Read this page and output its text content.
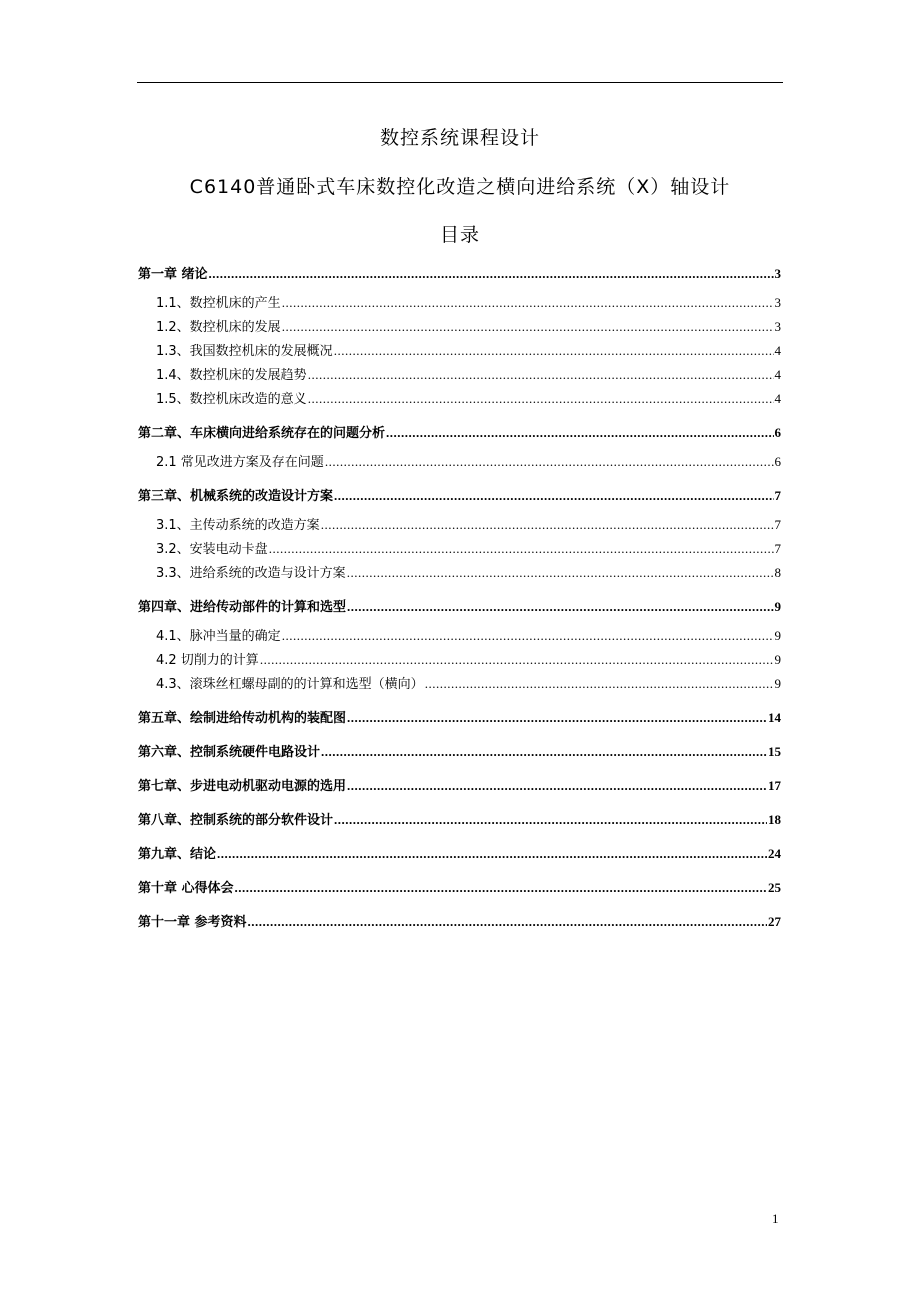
数控系统课程设计
C6140普通卧式车床数控化改造之横向进给系统（X）轴设计
目录
第一章 绪论 .....	3
1.1、数控机床的产生 .....	3
1.2、数控机床的发展 .....	3
1.3、我国数控机床的发展概况 .....	4
1.4、数控机床的发展趋势 .....	4
1.5、数控机床改造的意义 .....	4
第二章、车床横向进给系统存在的问题分析 .....	6
2.1 常见改进方案及存在问题 .....	6
第三章、机械系统的改造设计方案 .....	7
3.1、主传动系统的改造方案 .....	7
3.2、安装电动卡盘 .....	7
3.3、进给系统的改造与设计方案 .....	8
第四章、进给传动部件的计算和选型 .....	9
4.1、脉冲当量的确定 .....	9
4.2 切削力的计算 .....	9
4.3、滚珠丝杠螺母副的的计算和选型（横向） .....	9
第五章、绘制进给传动机构的装配图 .....	14
第六章、控制系统硬件电路设计 .....	15
第七章、步进电动机驱动电源的选用 .....	17
第八章、控制系统的部分软件设计 .....	18
第九章、结论 .....	24
第十章 心得体会 .....	25
第十一章 参考资料 .....	27
1
